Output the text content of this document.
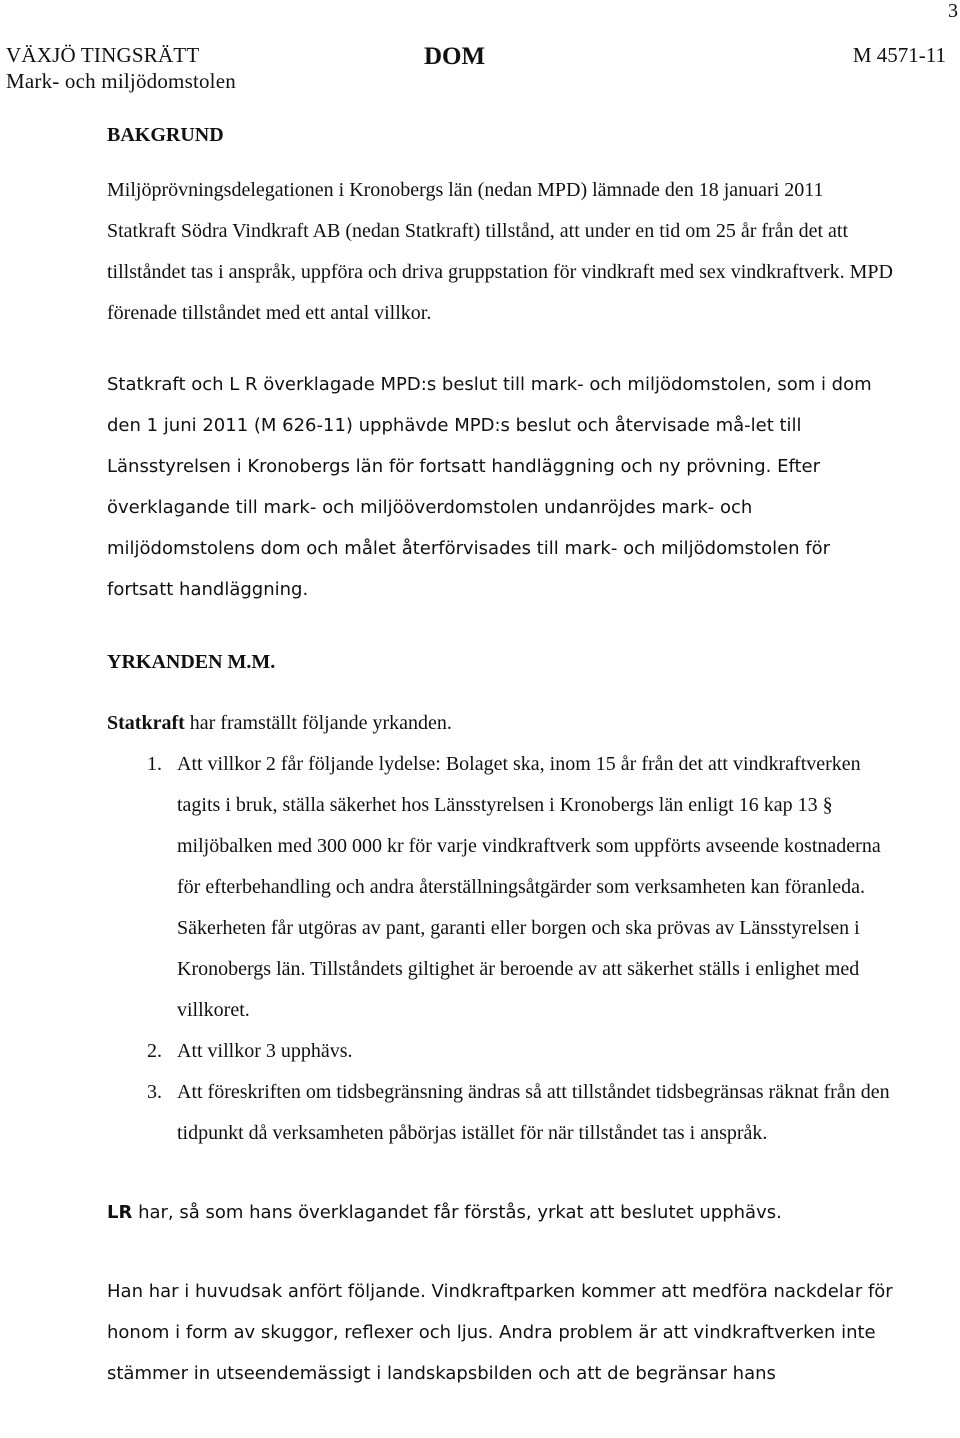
3
VÄXJÖ TINGSRÄTT
Mark- och miljödomstolen
DOM	M 4571-11
BAKGRUND

Miljöprövningsdelegationen i Kronobergs län (nedan MPD) lämnade den 18 januari 2011 Statkraft Södra Vindkraft AB (nedan Statkraft) tillstånd, att under en tid om 25 år från det att tillståndet tas i anspråk, uppföra och driva gruppstation för vindkraft med sex vindkraftverk. MPD förenade tillståndet med ett antal villkor.

Statkraft och L R överklagade MPD:s beslut till mark- och miljödomstolen, som i dom den 1 juni 2011 (M 626-11) upphävde MPD:s beslut och återvisade må-let till Länsstyrelsen i Kronobergs län för fortsatt handläggning och ny prövning. Efter överklagande till mark- och miljööverdomstolen undanröjdes mark- och miljödomstolens dom och målet återförvisades till mark- och miljödomstolen för fortsatt handläggning.

YRKANDEN M.M.

Statkraft har framställt följande yrkanden.

1. Att villkor 2 får följande lydelse: Bolaget ska, inom 15 år från det att vindkraftverken tagits i bruk, ställa säkerhet hos Länsstyrelsen i Kronobergs län enligt 16 kap 13 § miljöbalken med 300 000 kr för varje vindkraftverk som uppförts avseende kostnaderna för efterbehandling och andra återställningsåtgärder som verksamheten kan föranleda. Säkerheten får utgöras av pant, garanti eller borgen och ska prövas av Länsstyrelsen i Kronobergs län. Tillståndets giltighet är beroende av att säkerhet ställs i enlighet med villkoret.
2. Att villkor 3 upphävs.
3. Att föreskriften om tidsbegränsning ändras så att tillståndet tidsbegränsas räknat från den tidpunkt då verksamheten påbörjas istället för när tillståndet tas i anspråk.

LR har, så som hans överklagandet får förstås, yrkat att beslutet upphävs.

Han har i huvudsak anfört följande. Vindkraftparken kommer att medföra nackdelar för honom i form av skuggor, reflexer och ljus. Andra problem är att vindkraftverken inte stämmer in utseendemässigt i landskapsbilden och att de begränsar hans
